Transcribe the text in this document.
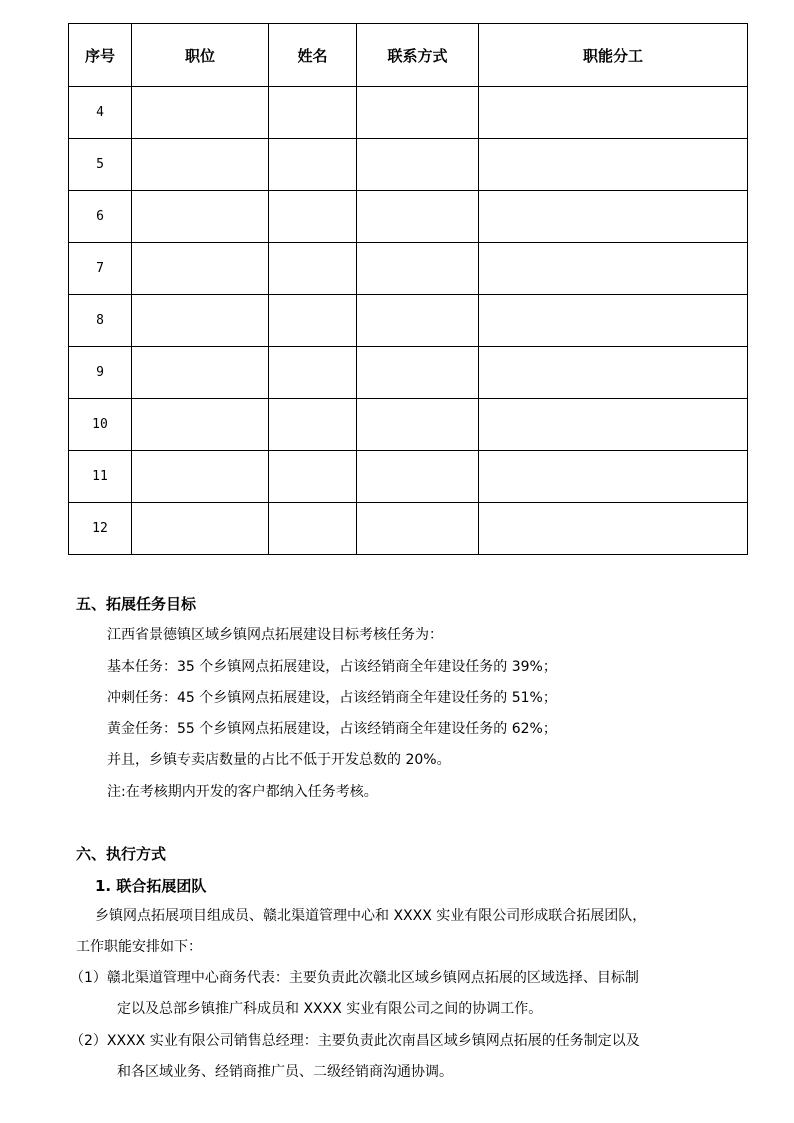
序号	职位	姓名	联系方式	职能分工
4				
5				
6				
7				
8				
9				
10				
11				
12				
五、拓展任务目标
江西省景德镇区域乡镇网点拓展建设目标考核任务为：
基本任务：35 个乡镇网点拓展建设，占该经销商全年建设任务的 39%；
冲刺任务：45 个乡镇网点拓展建设，占该经销商全年建设任务的 51%；
黄金任务：55 个乡镇网点拓展建设，占该经销商全年建设任务的 62%；
并且，乡镇专卖店数量的占比不低于开发总数的 20%。
注:在考核期内开发的客户都纳入任务考核。
六、执行方式
1. 联合拓展团队
乡镇网点拓展项目组成员、赣北渠道管理中心和 XXXX 实业有限公司形成联合拓展团队，
工作职能安排如下：
（1）赣北渠道管理中心商务代表：主要负责此次赣北区域乡镇网点拓展的区域选择、目标制
定以及总部乡镇推广科成员和 XXXX 实业有限公司之间的协调工作。
（2）XXXX 实业有限公司销售总经理：主要负责此次南昌区域乡镇网点拓展的任务制定以及
和各区域业务、经销商推广员、二级经销商沟通协调。
